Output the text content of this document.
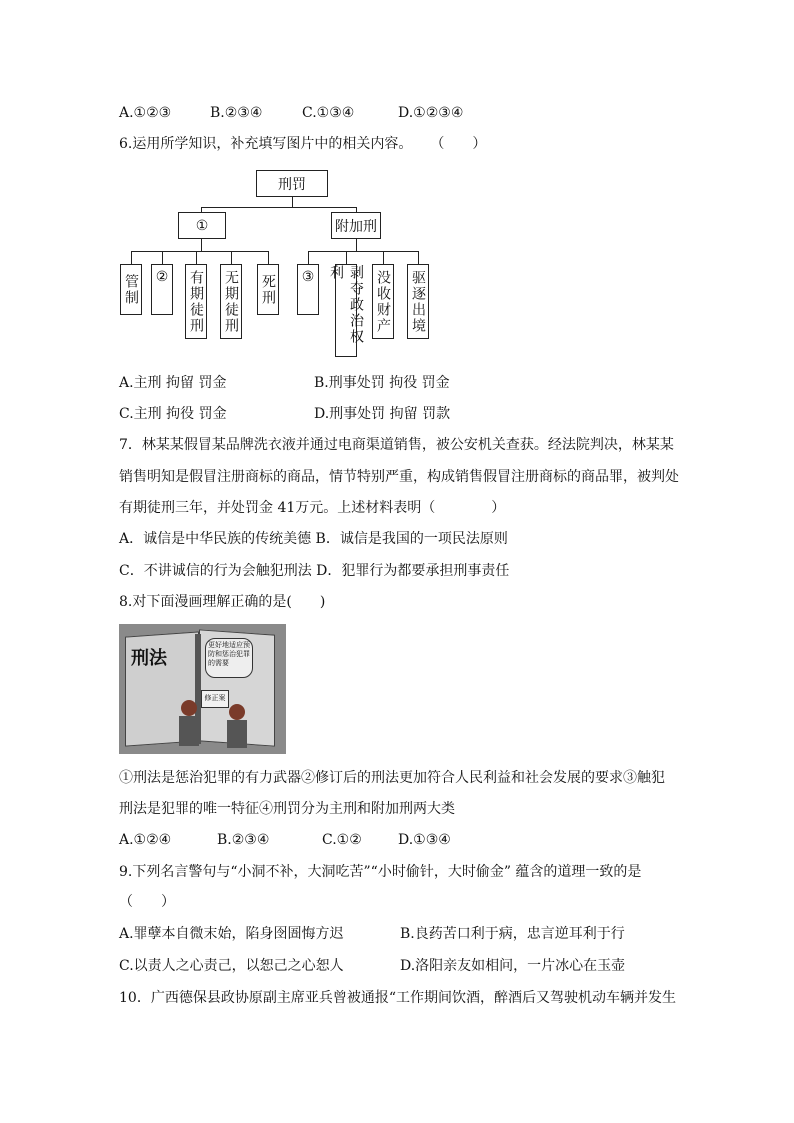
A.①②③	B.②③④	C.①③④	D.①②③④
6.运用所学知识，补充填写图片中的相关内容。 （　　）
刑罚
①	附加刑
管制	②	有期徒刑 无期徒刑 死刑	③	剥夺政治权利	没收财产 驱逐出境
A.主刑 拘留 罚金	B.刑事处罚 拘役 罚金
C.主刑 拘役 罚金	D.刑事处罚 拘留 罚款
7．林某某假冒某品牌洗衣液并通过电商渠道销售，被公安机关查获。经法院判决，林某某
销售明知是假冒注册商标的商品，情节特别严重，构成销售假冒注册商标的商品罪，被判处
有期徒刑三年，并处罚金 41万元。上述材料表明（　　　　）
A．诚信是中华民族的传统美德 B．诚信是我国的一项民法原则
C．不讲诚信的行为会触犯刑法 D．犯罪行为都要承担刑事责任
8.对下面漫画理解正确的是(　　)
刑法
更好地适应预防和惩治犯罪的需要
修正案
①刑法是惩治犯罪的有力武器②修订后的刑法更加符合人民利益和社会发展的要求③触犯
刑法是犯罪的唯一特征④刑罚分为主刑和附加刑两大类
A.①②④	B.②③④	C.①②	D.①③④
9.下列名言警句与“小洞不补，大洞吃苦”“小时偷针，大时偷金” 蕴含的道理一致的是
（　　）
A.罪孽本自微末始，陷身囹圄悔方迟	B.良药苦口利于病，忠言逆耳利于行
C.以责人之心责己，以恕己之心恕人	D.洛阳亲友如相问，一片冰心在玉壶
10．广西德保县政协原副主席亚兵曾被通报“工作期间饮酒，醉酒后又驾驶机动车辆并发生
